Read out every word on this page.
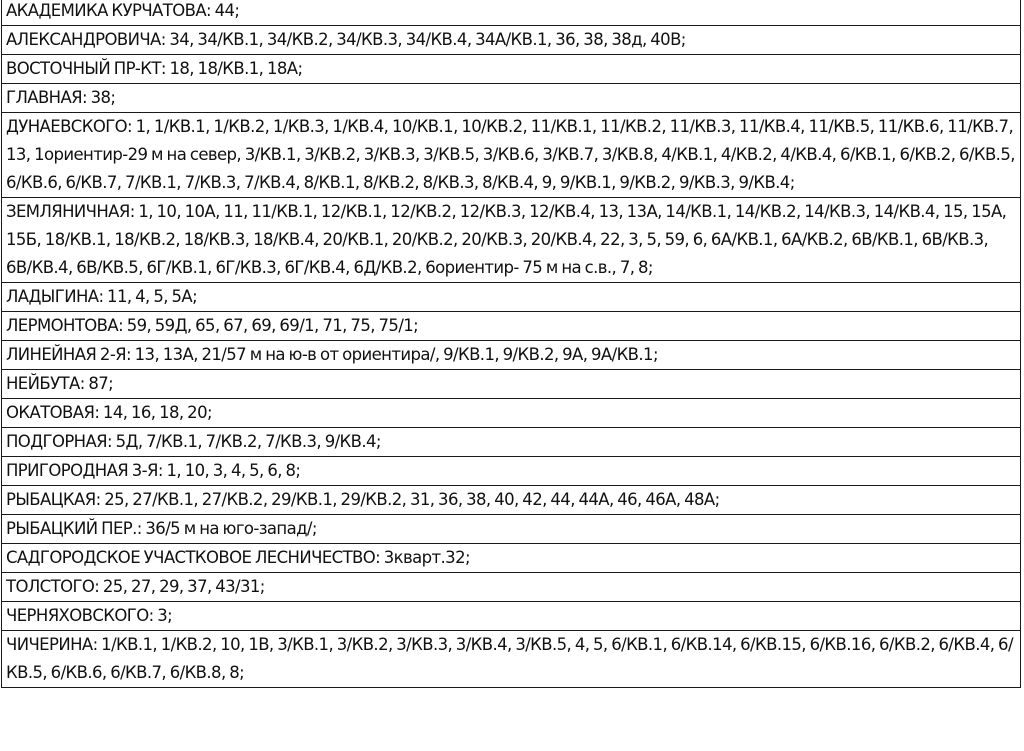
АКАДЕМИКА КУРЧАТОВА: 44;
АЛЕКСАНДРОВИЧА: 34, 34/КВ.1, 34/КВ.2, 34/КВ.3, 34/КВ.4, 34А/КВ.1, 36, 38, 38д, 40В;
ВОСТОЧНЫЙ ПР-КТ: 18, 18/КВ.1, 18А;
ГЛАВНАЯ: 38;
ДУНАЕВСКОГО: 1, 1/КВ.1, 1/КВ.2, 1/КВ.3, 1/КВ.4, 10/КВ.1, 10/КВ.2, 11/КВ.1, 11/КВ.2, 11/КВ.3, 11/КВ.4, 11/КВ.5, 11/КВ.6, 11/КВ.7, 13, 1ориентир-29 м на север, 3/КВ.1, 3/КВ.2, 3/КВ.3, 3/КВ.5, 3/КВ.6, 3/КВ.7, 3/КВ.8, 4/КВ.1, 4/КВ.2, 4/КВ.4, 6/КВ.1, 6/КВ.2, 6/КВ.5, 6/КВ.6, 6/КВ.7, 7/КВ.1, 7/КВ.3, 7/КВ.4, 8/КВ.1, 8/КВ.2, 8/КВ.3, 8/КВ.4, 9, 9/КВ.1, 9/КВ.2, 9/КВ.3, 9/КВ.4;
ЗЕМЛЯНИЧНАЯ: 1, 10, 10А, 11, 11/КВ.1, 12/КВ.1, 12/КВ.2, 12/КВ.3, 12/КВ.4, 13, 13А, 14/КВ.1, 14/КВ.2, 14/КВ.3, 14/КВ.4, 15, 15А, 15Б, 18/КВ.1, 18/КВ.2, 18/КВ.3, 18/КВ.4, 20/КВ.1, 20/КВ.2, 20/КВ.3, 20/КВ.4, 22, 3, 5, 59, 6, 6А/КВ.1, 6А/КВ.2, 6В/КВ.1, 6В/КВ.3, 6В/КВ.4, 6В/КВ.5, 6Г/КВ.1, 6Г/КВ.3, 6Г/КВ.4, 6Д/КВ.2, 6ориентир- 75 м на с.в., 7, 8;
ЛАДЫГИНА: 11, 4, 5, 5А;
ЛЕРМОНТОВА: 59, 59Д, 65, 67, 69, 69/1, 71, 75, 75/1;
ЛИНЕЙНАЯ 2-Я: 13, 13А, 21/57 м на ю-в от ориентира/, 9/КВ.1, 9/КВ.2, 9А, 9А/КВ.1;
НЕЙБУТА: 87;
ОКАТОВАЯ: 14, 16, 18, 20;
ПОДГОРНАЯ: 5Д, 7/КВ.1, 7/КВ.2, 7/КВ.3, 9/КВ.4;
ПРИГОРОДНАЯ 3-Я: 1, 10, 3, 4, 5, 6, 8;
РЫБАЦКАЯ: 25, 27/КВ.1, 27/КВ.2, 29/КВ.1, 29/КВ.2, 31, 36, 38, 40, 42, 44, 44А, 46, 46А, 48А;
РЫБАЦКИЙ ПЕР.: 36/5 м на юго-запад/;
САДГОРОДСКОЕ УЧАСТКОВОЕ ЛЕСНИЧЕСТВО: 3кварт.32;
ТОЛСТОГО: 25, 27, 29, 37, 43/31;
ЧЕРНЯХОВСКОГО: 3;
ЧИЧЕРИНА: 1/КВ.1, 1/КВ.2, 10, 1В, 3/КВ.1, 3/КВ.2, 3/КВ.3, 3/КВ.4, 3/КВ.5, 4, 5, 6/КВ.1, 6/КВ.14, 6/КВ.15, 6/КВ.16, 6/КВ.2, 6/КВ.4, 6/КВ.5, 6/КВ.6, 6/КВ.7, 6/КВ.8, 8;
